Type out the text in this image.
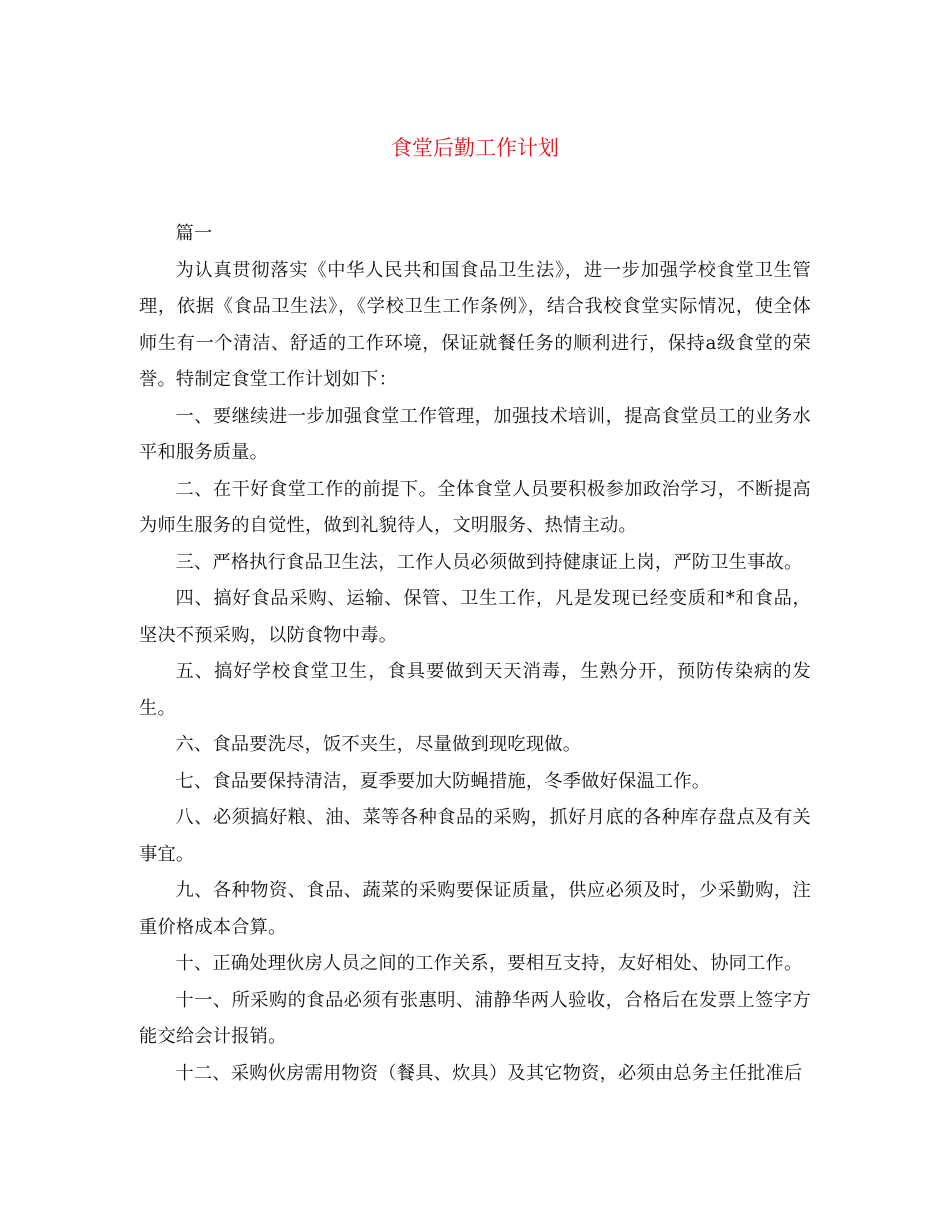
食堂后勤工作计划

篇一

为认真贯彻落实《中华人民共和国食品卫生法》，进一步加强学校食堂卫生管理，依据《食品卫生法》，《学校卫生工作条例》，结合我校食堂实际情况，使全体师生有一个清洁、舒适的工作环境，保证就餐任务的顺利进行，保持a级食堂的荣誉。特制定食堂工作计划如下：

一、要继续进一步加强食堂工作管理，加强技术培训，提高食堂员工的业务水平和服务质量。

二、在干好食堂工作的前提下。全体食堂人员要积极参加政治学习，不断提高为师生服务的自觉性，做到礼貌待人，文明服务、热情主动。

三、严格执行食品卫生法，工作人员必须做到持健康证上岗，严防卫生事故。

四、搞好食品采购、运输、保管、卫生工作，凡是发现已经变质和*和食品，坚决不预采购，以防食物中毒。

五、搞好学校食堂卫生，食具要做到天天消毒，生熟分开，预防传染病的发生。

六、食品要洗尽，饭不夹生，尽量做到现吃现做。

七、食品要保持清洁，夏季要加大防蝇措施，冬季做好保温工作。

八、必须搞好粮、油、菜等各种食品的采购，抓好月底的各种库存盘点及有关事宜。

九、各种物资、食品、蔬菜的采购要保证质量，供应必须及时，少采勤购，注重价格成本合算。

十、正确处理伙房人员之间的工作关系，要相互支持，友好相处、协同工作。

十一、所采购的食品必须有张惠明、浦静华两人验收，合格后在发票上签字方能交给会计报销。

十二、采购伙房需用物资（餐具、炊具）及其它物资，必须由总务主任批准后
